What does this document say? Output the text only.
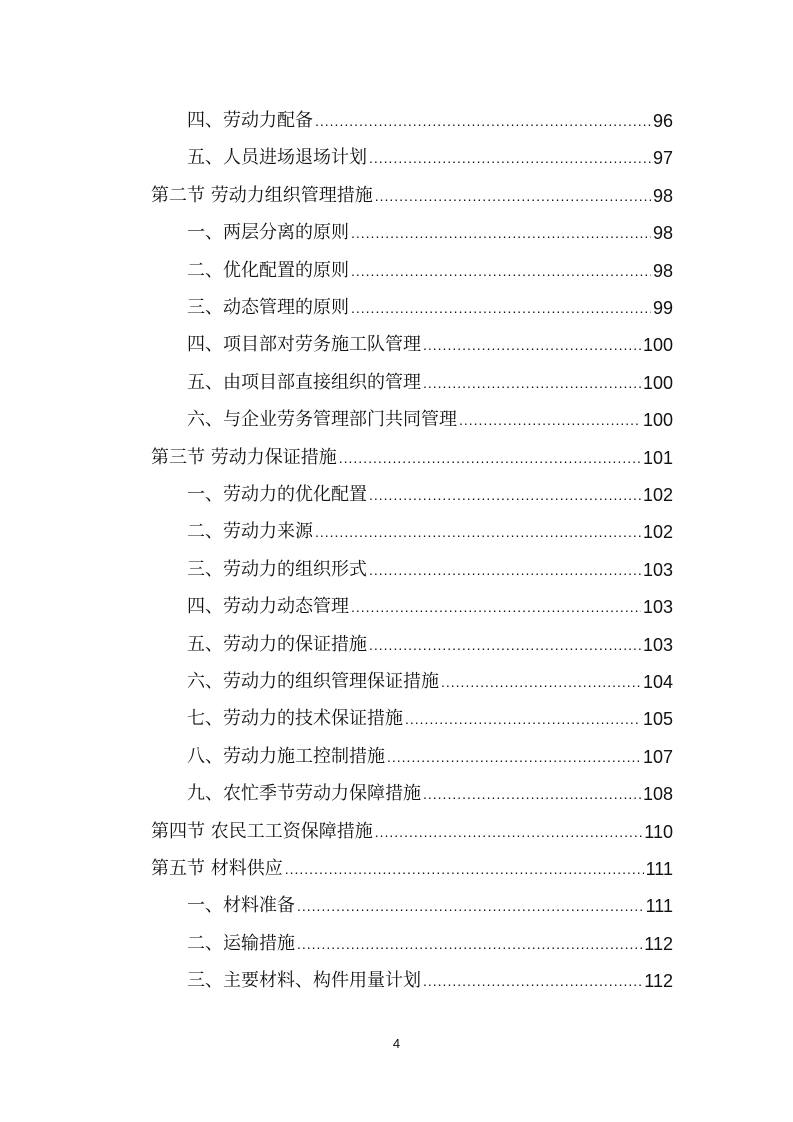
四、劳动力配备 .....	96
五、人员进场退场计划 .....	97
第二节 劳动力组织管理措施 .....	98
一、两层分离的原则 .....	98
二、优化配置的原则 .....	98
三、动态管理的原则 .....	99
四、项目部对劳务施工队管理 .....	100
五、由项目部直接组织的管理 .....	100
六、与企业劳务管理部门共同管理 .....	100
第三节 劳动力保证措施 .....	101
一、劳动力的优化配置 .....	102
二、劳动力来源 .....	102
三、劳动力的组织形式 .....	103
四、劳动力动态管理 .....	103
五、劳动力的保证措施 .....	103
六、劳动力的组织管理保证措施 .....	104
七、劳动力的技术保证措施 .....	105
八、劳动力施工控制措施 .....	107
九、农忙季节劳动力保障措施 .....	108
第四节 农民工工资保障措施 .....	110
第五节 材料供应 .....	111
一、材料准备 .....	111
二、运输措施 .....	112
三、主要材料、构件用量计划 .....	112
4
